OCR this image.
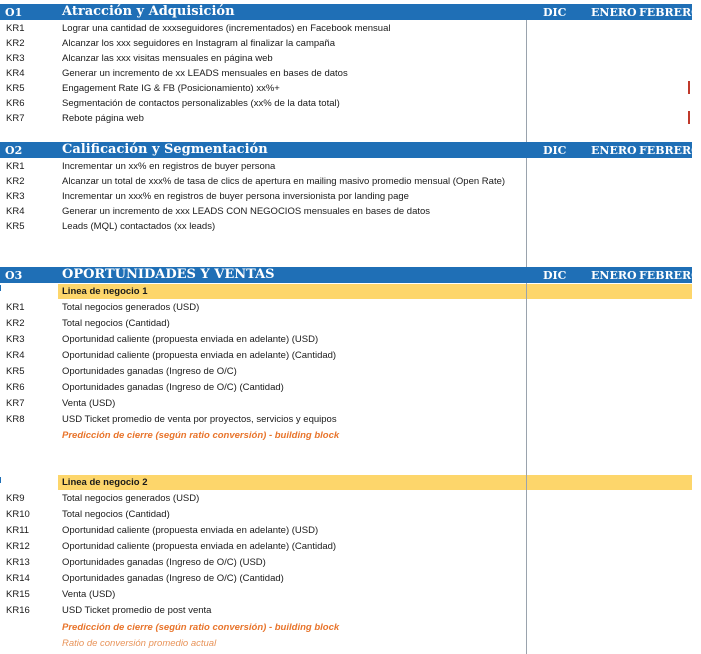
O1	Atracción y Adquisición	DIC ENERO FEBRERO
KR1	Lograr una cantidad de xxxseguidores (incrementados) en Facebook mensual
KR2	Alcanzar los xxx seguidores en Instagram al finalizar la campaña
KR3	Alcanzar las xxx visitas mensuales en página web
KR4	Generar un incremento de xx LEADS mensuales en bases de datos
KR5	Engagement Rate IG & FB (Posicionamiento) xx%+
KR6	Segmentación de contactos personalizables (xx% de la data total)
KR7	Rebote página web
O2	Calificación y Segmentación	DIC ENERO FEBRERO
KR1	Incrementar un xx% en registros de buyer persona
KR2	Alcanzar un total de xxx% de tasa de clics de apertura en mailing masivo promedio mensual (Open Rate)
KR3	Incrementar un xxx% en registros de buyer persona inversionista por landing page
KR4	Generar un incremento de xxx LEADS CON NEGOCIOS mensuales en bases de datos
KR5	Leads (MQL) contactados (xx leads)
O3	OPORTUNIDADES Y VENTAS	DIC ENERO FEBRERO
Linea de negocio 1
KR1	Total negocios generados (USD)
KR2	Total negocios (Cantidad)
KR3	Oportunidad caliente (propuesta enviada en adelante) (USD)
KR4	Oportunidad caliente (propuesta enviada en adelante) (Cantidad)
KR5	Oportunidades ganadas (Ingreso de O/C)
KR6	Oportunidades ganadas (Ingreso de O/C) (Cantidad)
KR7	Venta (USD)
KR8	USD Ticket promedio de venta por proyectos, servicios y equipos
Predicción de cierre (según ratio conversión) - building block
Linea de negocio 2
KR9	Total negocios generados (USD)
KR10	Total negocios (Cantidad)
KR11	Oportunidad caliente (propuesta enviada en adelante) (USD)
KR12	Oportunidad caliente (propuesta enviada en adelante) (Cantidad)
KR13	Oportunidades ganadas (Ingreso de O/C) (USD)
KR14	Oportunidades ganadas (Ingreso de O/C) (Cantidad)
KR15	Venta (USD)
KR16	USD Ticket promedio de post venta
Predicción de cierre (según ratio conversión) - building block
Ratio de conversión promedio actual
